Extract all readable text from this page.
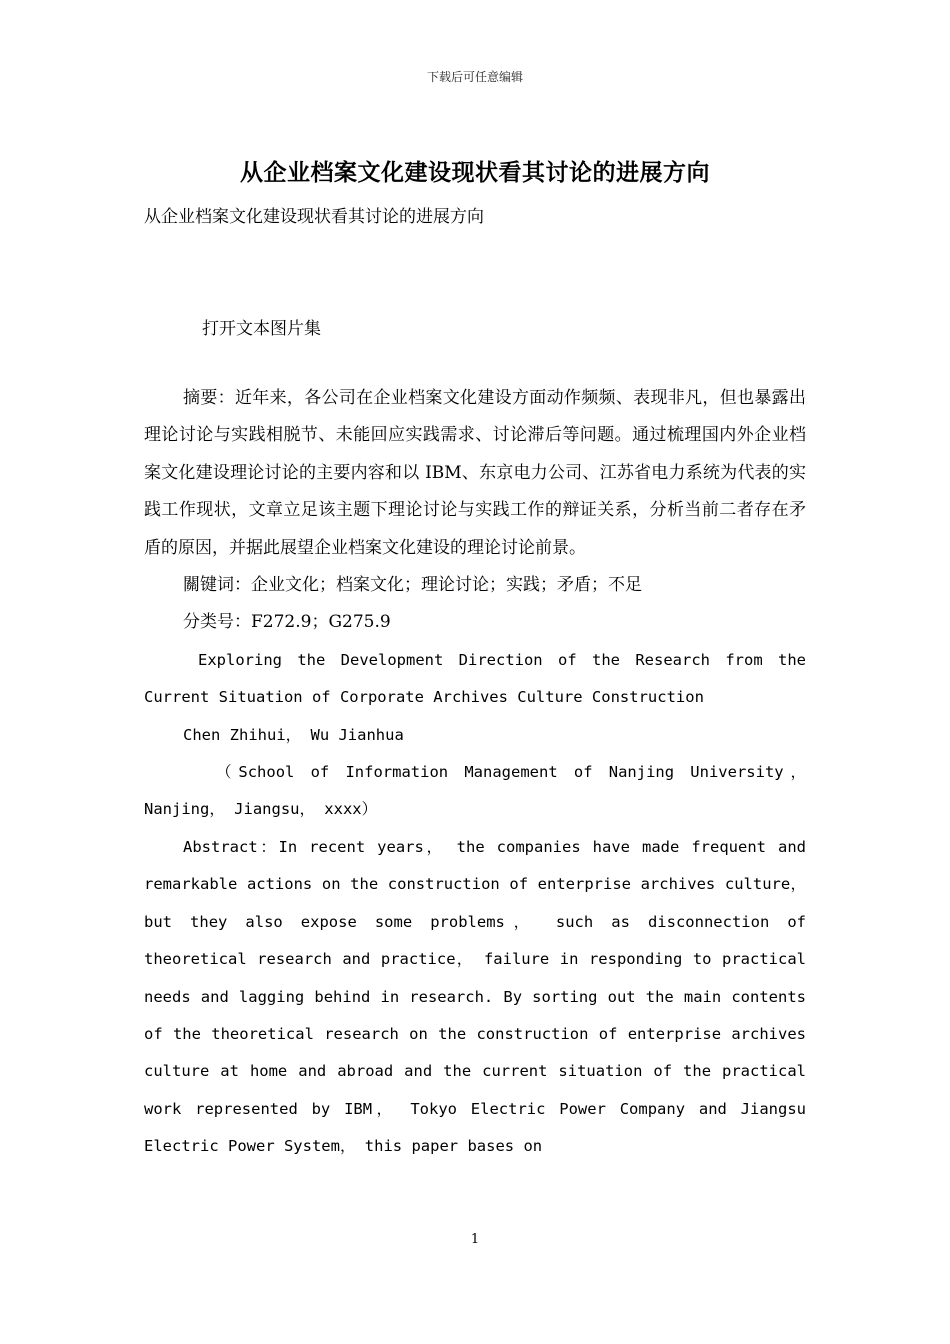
下载后可任意编辑
从企业档案文化建设现状看其讨论的进展方向
从企业档案文化建设现状看其讨论的进展方向
打开文本图片集

摘要：近年来，各公司在企业档案文化建设方面动作频频、表现非凡，但也暴露出理论讨论与实践相脱节、未能回应实践需求、讨论滞后等问题。通过梳理国内外企业档案文化建设理论讨论的主要内容和以 IBM、东京电力公司、江苏省电力系统为代表的实践工作现状，文章立足该主题下理论讨论与实践工作的辩证关系，分析当前二者存在矛盾的原因，并据此展望企业档案文化建设的理论讨论前景。

關键词：企业文化；档案文化；理论讨论；实践；矛盾；不足

分类号：F272.9；G275.9

Exploring the Development Direction of the Research from the Current Situation of Corporate Archives Culture Construction

Chen Zhihui， Wu Jianhua

（School of Information Management of Nanjing University，Nanjing， Jiangsu， xxxx）

Abstract：In recent years， the companies have made frequent and remarkable actions on the construction of enterprise archives culture，but they also expose some problems， such as disconnection of theoretical research and practice， failure in responding to practical needs and lagging behind in research. By sorting out the main contents of the theoretical research on the construction of enterprise archives culture at home and abroad and the current situation of the practical work represented by IBM， Tokyo Electric Power Company and Jiangsu Electric Power System， this paper bases on

1
